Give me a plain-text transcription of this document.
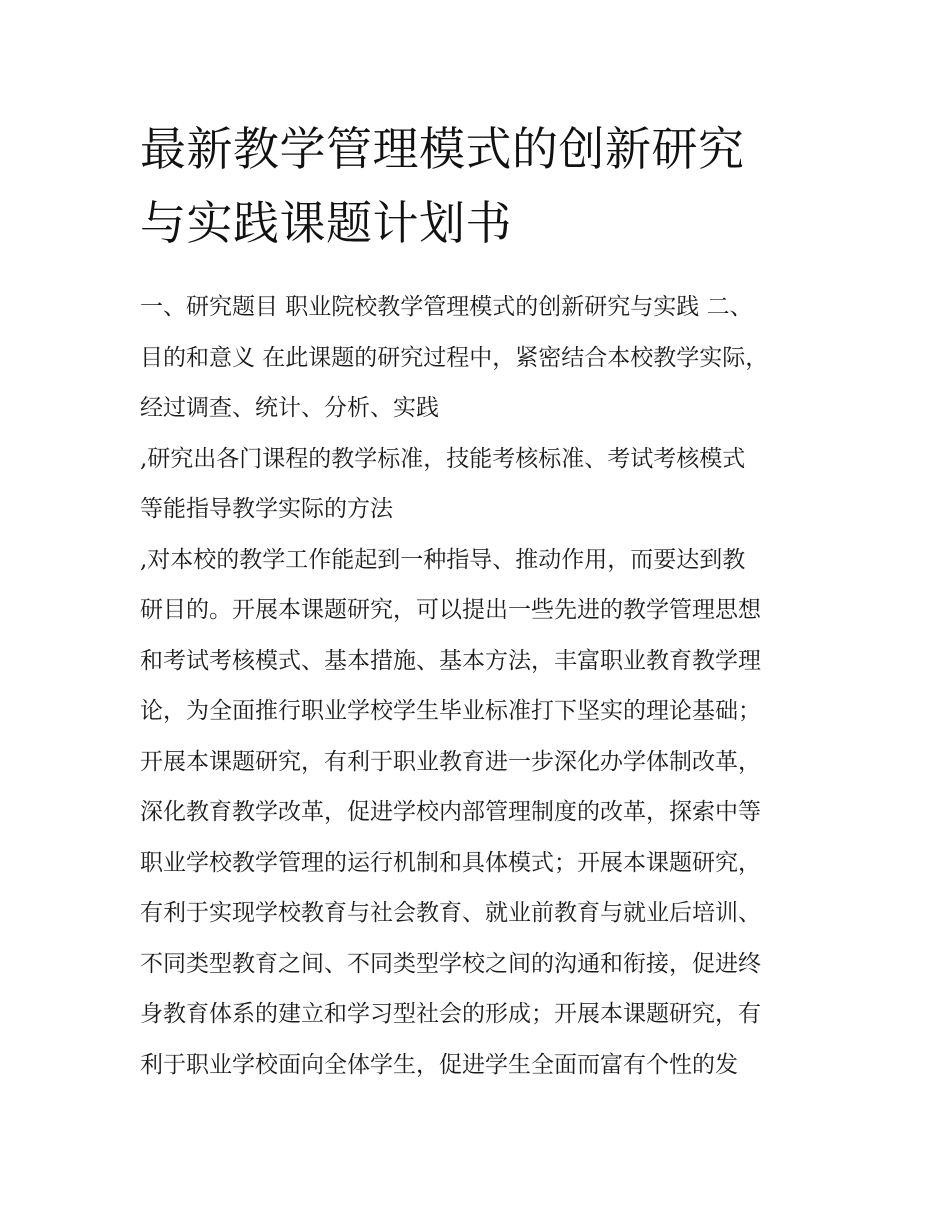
最新教学管理模式的创新研究
与实践课题计划书
一、研究题目 职业院校教学管理模式的创新研究与实践 二、
目的和意义 在此课题的研究过程中，紧密结合本校教学实际，
经过调查、统计、分析、实践
,研究出各门课程的教学标准，技能考核标准、考试考核模式
等能指导教学实际的方法
,对本校的教学工作能起到一种指导、推动作用，而要达到教
研目的。开展本课题研究，可以提出一些先进的教学管理思想
和考试考核模式、基本措施、基本方法，丰富职业教育教学理
论，为全面推行职业学校学生毕业标准打下坚实的理论基础；
开展本课题研究，有利于职业教育进一步深化办学体制改革，
深化教育教学改革，促进学校内部管理制度的改革，探索中等
职业学校教学管理的运行机制和具体模式；开展本课题研究，
有利于实现学校教育与社会教育、就业前教育与就业后培训、
不同类型教育之间、不同类型学校之间的沟通和衔接，促进终
身教育体系的建立和学习型社会的形成；开展本课题研究，有
利于职业学校面向全体学生，促进学生全面而富有个性的发
